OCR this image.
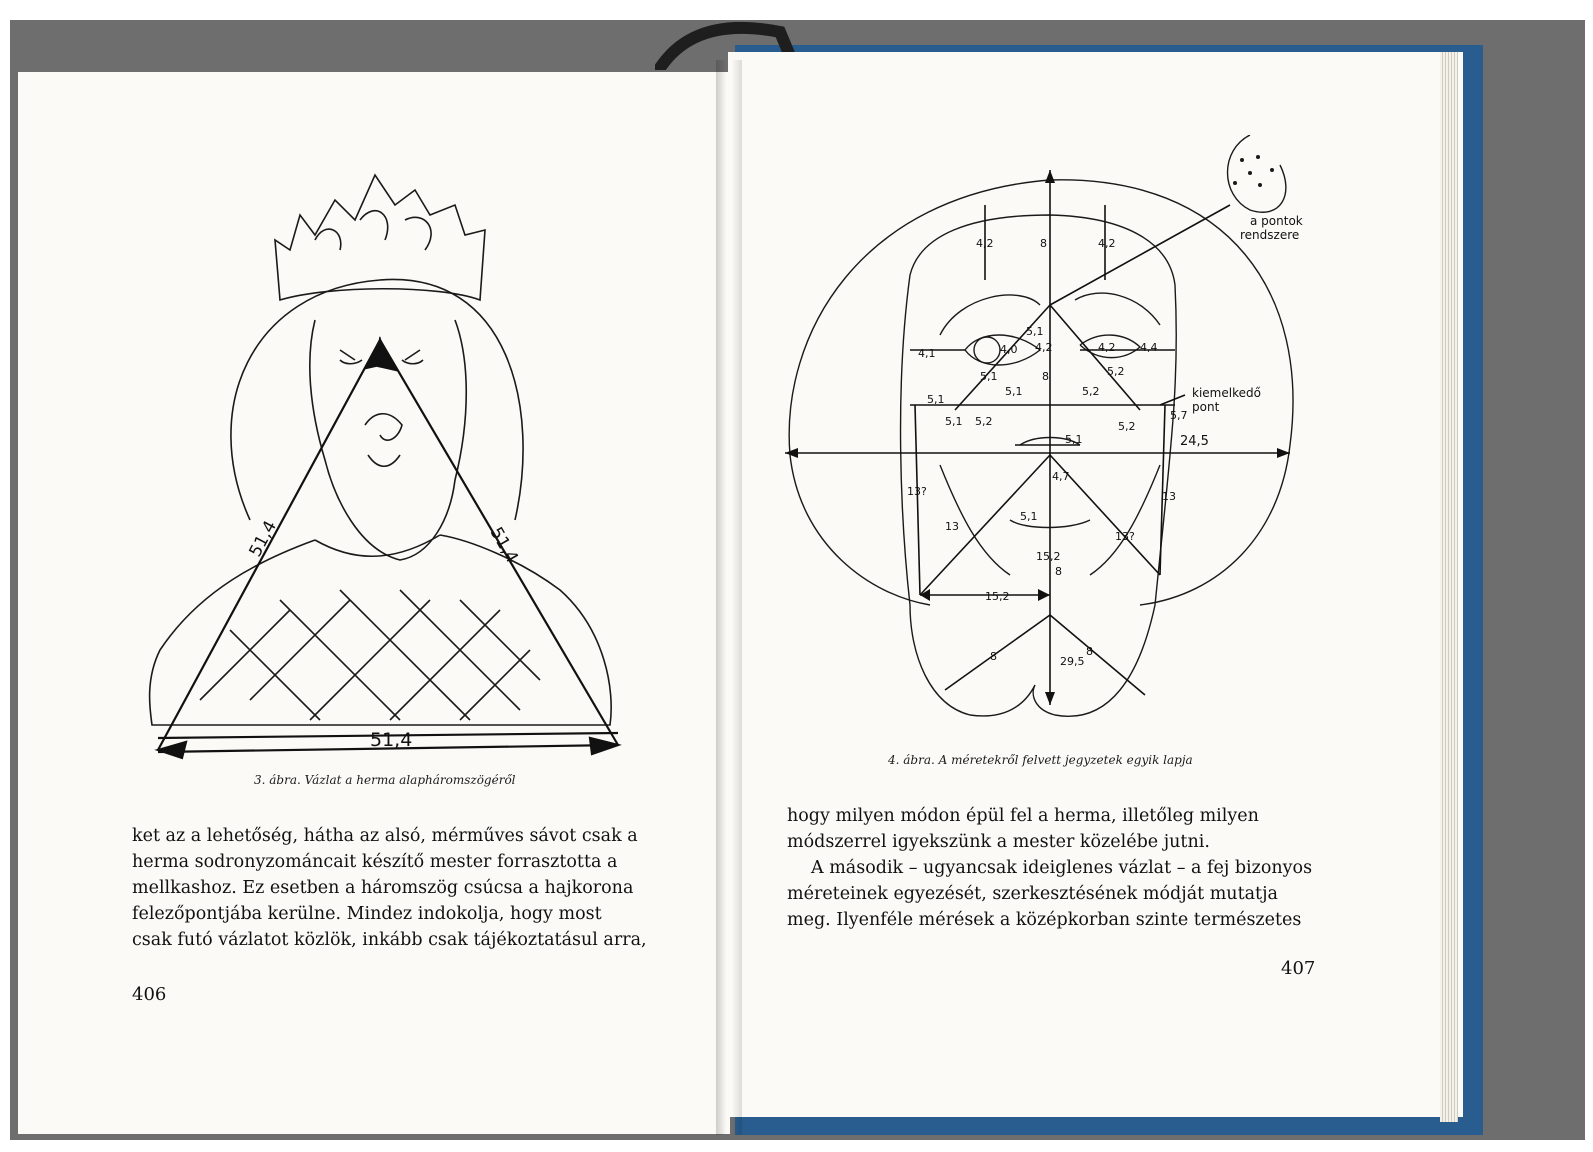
51,4	51,4
51,4
3. ábra. Vázlat a herma alapháromszögéről

ket az a lehetőség, hátha az alsó, mérműves sávot csak a

herma sodronyzománcait készítő mester forrasztotta a

mellkashoz. Ez esetben a háromszög csúcsa a hajkorona

felezőpontjába kerülne. Mindez indokolja, hogy most

csak futó vázlatot közlök, inkább csak tájékoztatásul arra,

406
a pontok
rendszere
kiemelkedő
pont
24,5
4,2	8	4,2
4,1	4,0 4,2	4,2 4,4
5,1
5,1	8	5,2
5,2
5,1
5,2
5,1
5,2
5,1	5,7
5,1
5,1
4,7
13?
13
13?
13
15,2
15,2
8
8	8
29,5
4. ábra. A méretekről felvett jegyzetek egyik lapja

hogy milyen módon épül fel a herma, illetőleg milyen

módszerrel igyekszünk a mester közelébe jutni.

A második – ugyancsak ideiglenes vázlat – a fej bizonyos

méreteinek egyezését, szerkesztésének módját mutatja

meg. Ilyenféle mérések a középkorban szinte természetes

407
